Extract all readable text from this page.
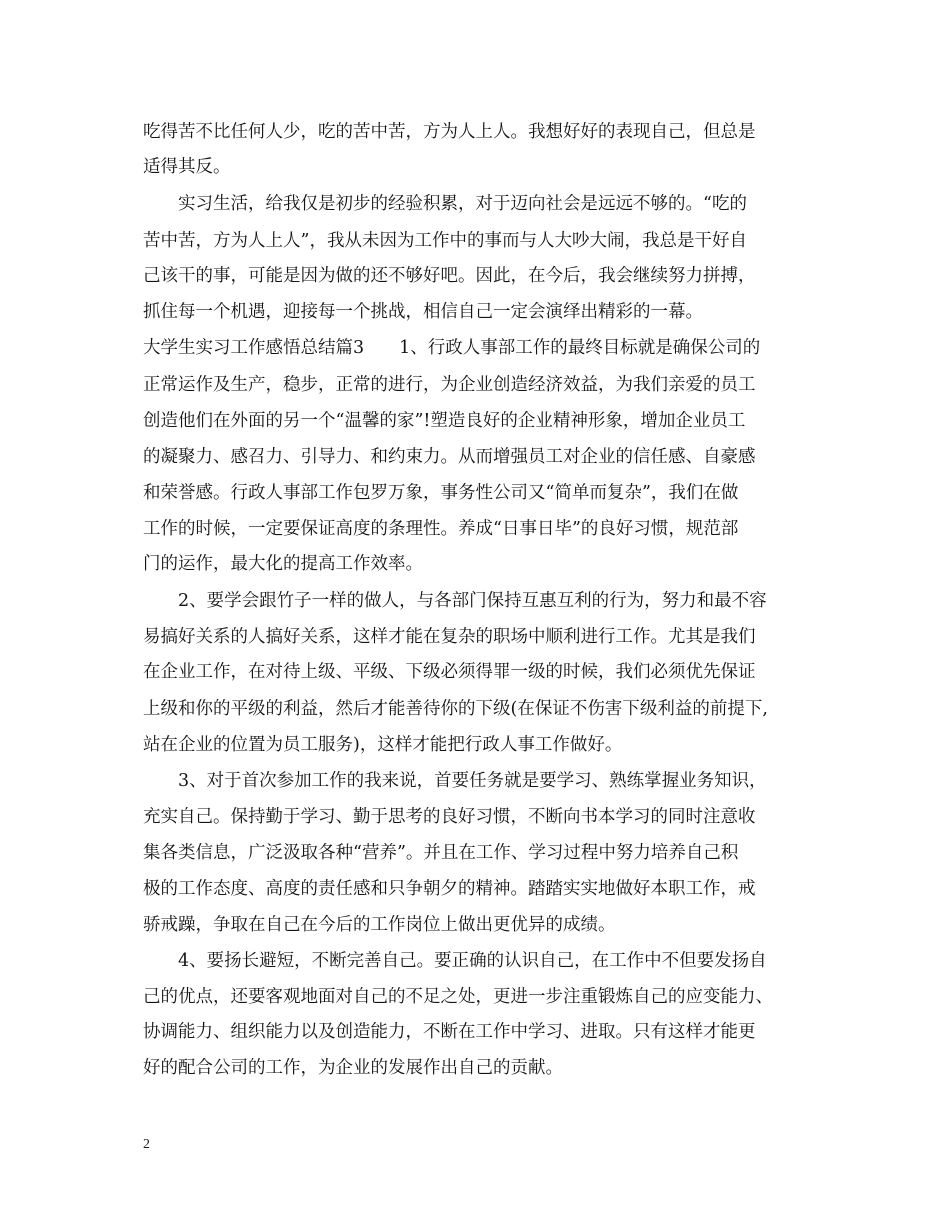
吃得苦不比任何人少，吃的苦中苦，方为人上人。我想好好的表现自己，但总是

适得其反。

实习生活，给我仅是初步的经验积累，对于迈向社会是远远不够的。“吃的

苦中苦，方为人上人”，我从未因为工作中的事而与人大吵大闹，我总是干好自

己该干的事，可能是因为做的还不够好吧。因此，在今后，我会继续努力拼搏，

抓住每一个机遇，迎接每一个挑战，相信自己一定会演绎出精彩的一幕。

大学生实习工作感悟总结篇3　　1、行政人事部工作的最终目标就是确保公司的

正常运作及生产，稳步，正常的进行，为企业创造经济效益，为我们亲爱的员工

创造他们在外面的另一个“温馨的家”!塑造良好的企业精神形象，增加企业员工

的凝聚力、感召力、引导力、和约束力。从而增强员工对企业的信任感、自豪感

和荣誉感。行政人事部工作包罗万象，事务性公司又“简单而复杂”，我们在做

工作的时候，一定要保证高度的条理性。养成“日事日毕”的良好习惯，规范部

门的运作，最大化的提高工作效率。

2、要学会跟竹子一样的做人，与各部门保持互惠互利的行为，努力和最不容

易搞好关系的人搞好关系，这样才能在复杂的职场中顺利进行工作。尤其是我们

在企业工作，在对待上级、平级、下级必须得罪一级的时候，我们必须优先保证

上级和你的平级的利益，然后才能善待你的下级(在保证不伤害下级利益的前提下,

站在企业的位置为员工服务)，这样才能把行政人事工作做好。

3、对于首次参加工作的我来说，首要任务就是要学习、熟练掌握业务知识，

充实自己。保持勤于学习、勤于思考的良好习惯，不断向书本学习的同时注意收

集各类信息，广泛汲取各种“营养”。并且在工作、学习过程中努力培养自己积

极的工作态度、高度的责任感和只争朝夕的精神。踏踏实实地做好本职工作，戒

骄戒躁，争取在自己在今后的工作岗位上做出更优异的成绩。

4、要扬长避短，不断完善自己。要正确的认识自己，在工作中不但要发扬自

己的优点，还要客观地面对自己的不足之处，更进一步注重锻炼自己的应变能力、

协调能力、组织能力以及创造能力，不断在工作中学习、进取。只有这样才能更

好的配合公司的工作，为企业的发展作出自己的贡献。

2
